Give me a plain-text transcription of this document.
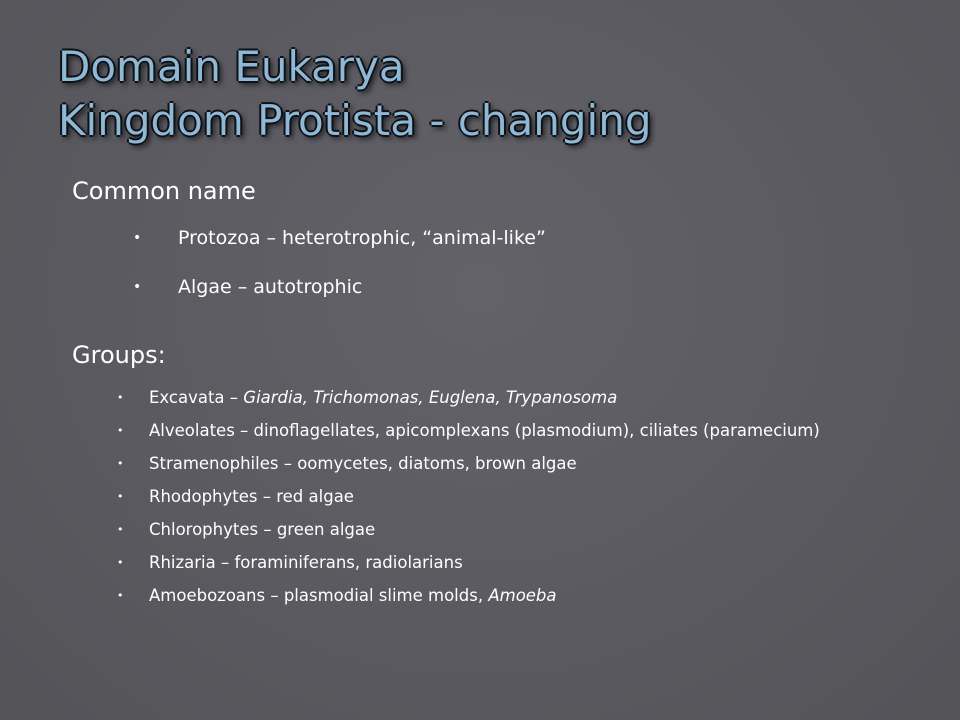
Domain Eukarya
Kingdom Protista - changing
Common name
• Protozoa – heterotrophic, “animal-like”
• Algae – autotrophic
Groups:
• Excavata – Giardia, Trichomonas, Euglena, Trypanosoma
• Alveolates – dinoflagellates, apicomplexans (plasmodium), ciliates (paramecium)
• Stramenophiles – oomycetes, diatoms, brown algae
• Rhodophytes – red algae
• Chlorophytes – green algae
• Rhizaria – foraminiferans, radiolarians
• Amoebozoans – plasmodial slime molds, Amoeba
